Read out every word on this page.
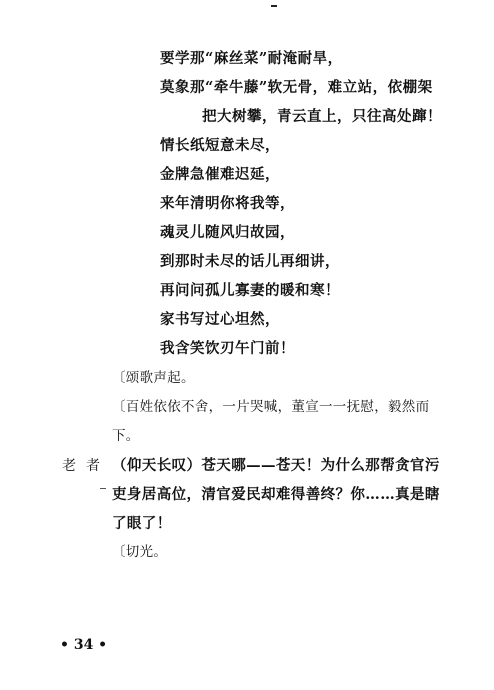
要学那“麻丝菜”耐淹耐旱，
莫象那“牵牛藤”软无骨，难立站，依棚架
把大树攀，青云直上，只往高处蹿！
情长纸短意未尽，
金牌急催难迟延，
来年清明你将我等，
魂灵儿随风归故园，
到那时未尽的话儿再细讲，
再问问孤儿寡妻的暖和寒！
家书写过心坦然，
我含笑饮刃午门前！
〔颂歌声起。
〔百姓依依不舍，一片哭喊，董宣一一抚慰，毅然而
下。
老者 （仰天长叹）苍天哪——苍天！为什么那帮贪官污
吏身居高位，清官爱民却难得善终？你……真是瞎
了眼了！
〔切光。
• 34 •
